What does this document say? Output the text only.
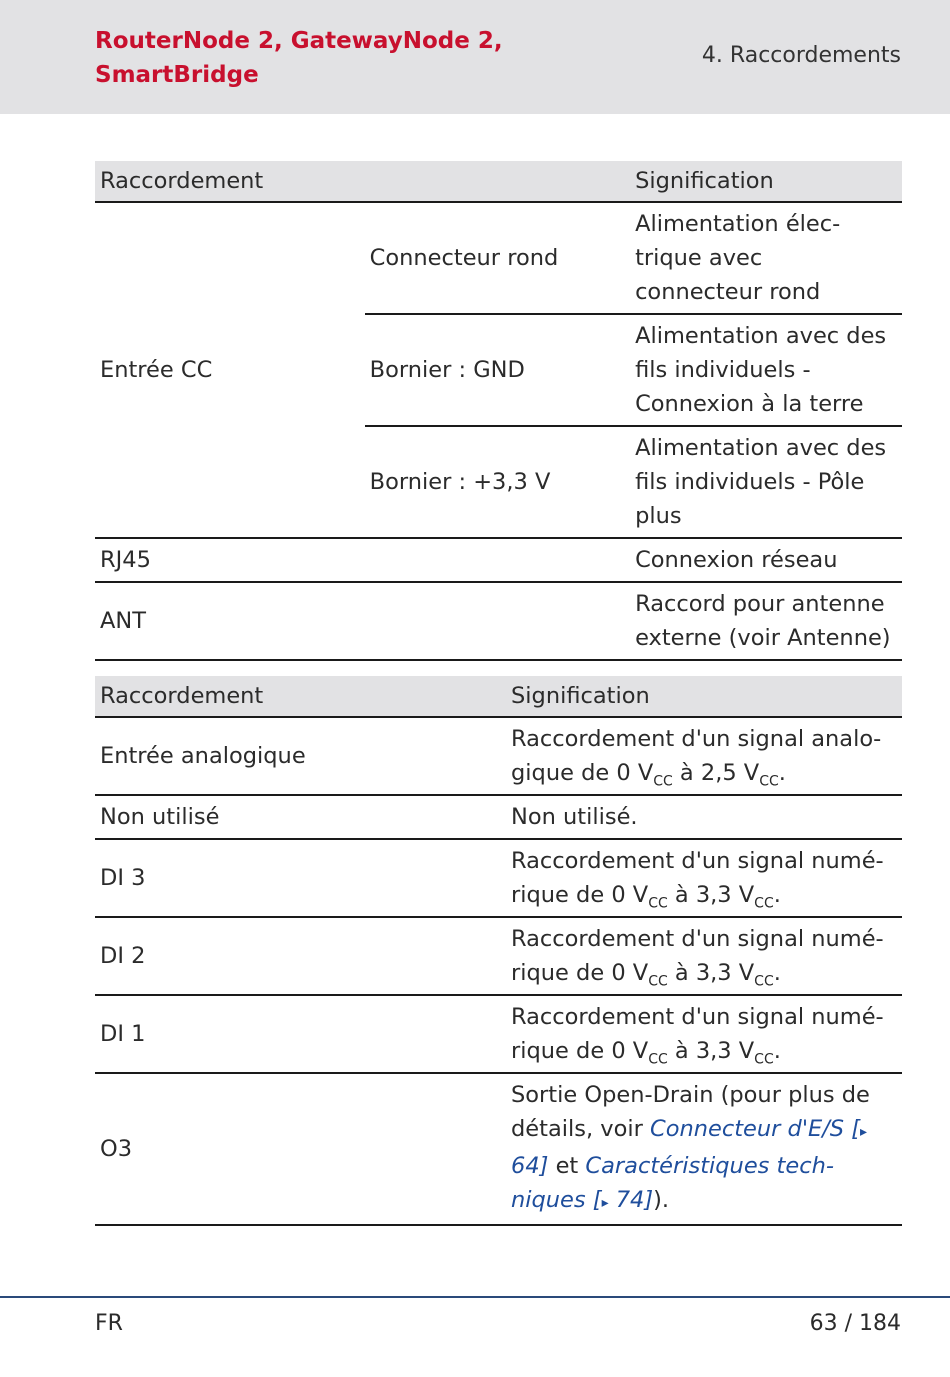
RouterNode 2, GatewayNode 2,
SmartBridge
4. Raccordements
Raccordement		Signification
Entrée CC	Connecteur rond	Alimentation électrique avec connecteur rond
	Bornier : GND	Alimentation avec des fils individuels - Connexion à la terre
	Bornier : +3,3 V	Alimentation avec des fils individuels - Pôle plus
RJ45		Connexion réseau
ANT		Raccord pour antenne externe (voir Antenne)
Raccordement	Signification
Entrée analogique	Raccordement d'un signal analogique de 0 $V_{CC}$ à 2,5 $V_{CC}$.
Non utilisé	Non utilisé.
DI 3	Raccordement d'un signal numérique de 0 $V_{CC}$ à 3,3 $V_{CC}$.
DI 2	Raccordement d'un signal numérique de 0 $V_{CC}$ à 3,3 $V_{CC}$.
DI 1	Raccordement d'un signal numérique de 0 $V_{CC}$ à 3,3 $V_{CC}$.
O3	Sortie Open-Drain (pour plus de détails, voir Connecteur d'E/S [▸ 64] et Caractéristiques techniques [▸ 74]).
FR	63 / 184
